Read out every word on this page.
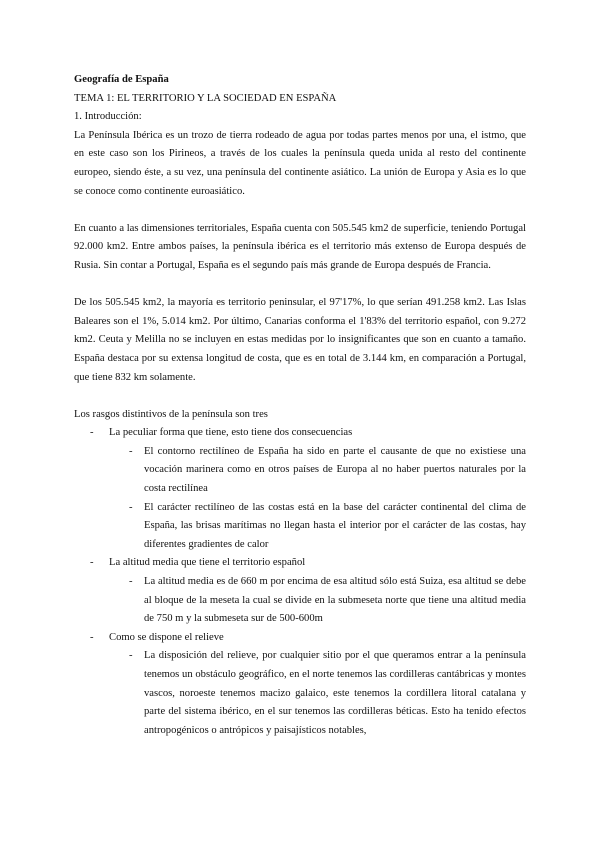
Geografía de España
TEMA 1: EL TERRITORIO Y LA SOCIEDAD EN ESPAÑA
1. Introducción:

La Península Ibérica es un trozo de tierra rodeado de agua por todas partes menos por una, el istmo, que en este caso son los Pirineos, a través de los cuales la península queda unida al resto del continente europeo, siendo éste, a su vez, una península del continente asiático. La unión de Europa y Asia es lo que se conoce como continente euroasiático.

En cuanto a las dimensiones territoriales, España cuenta con 505.545 km2 de superficie, teniendo Portugal 92.000 km2. Entre ambos países, la península ibérica es el territorio más extenso de Europa después de Rusia. Sin contar a Portugal, España es el segundo país más grande de Europa después de Francia.

De los 505.545 km2, la mayoría es territorio peninsular, el 97'17%, lo que serían 491.258 km2. Las Islas Baleares son el 1%, 5.014 km2. Por último, Canarias conforma el 1'83% del territorio español, con 9.272 km2. Ceuta y Melilla no se incluyen en estas medidas por lo insignificantes que son en cuanto a tamaño. España destaca por su extensa longitud de costa, que es en total de 3.144 km, en comparación a Portugal, que tiene 832 km solamente.

Los rasgos distintivos de la península son tres
- La peculiar forma que tiene, esto tiene dos consecuencias
- El contorno rectilíneo de España ha sido en parte el causante de que no existiese una vocación marinera como en otros países de Europa al no haber puertos naturales por la costa rectilínea
- El carácter rectilíneo de las costas está en la base del carácter continental del clima de España, las brisas marítimas no llegan hasta el interior por el carácter de las costas, hay diferentes gradientes de calor
- La altitud media que tiene el territorio español
- La altitud media es de 660 m por encima de esa altitud sólo está Suiza, esa altitud se debe al bloque de la meseta la cual se divide en la submeseta norte que tiene una altitud media de 750 m y la submeseta sur de 500-600m
- Como se dispone el relieve
- La disposición del relieve, por cualquier sitio por el que queramos entrar a la península tenemos un obstáculo geográfico, en el norte tenemos las cordilleras cantábricas y montes vascos, noroeste tenemos macizo galaico, este tenemos la cordillera litoral catalana y parte del sistema ibérico, en el sur tenemos las cordilleras béticas. Esto ha tenido efectos antropogénicos o antrópicos y paisajísticos notables,
